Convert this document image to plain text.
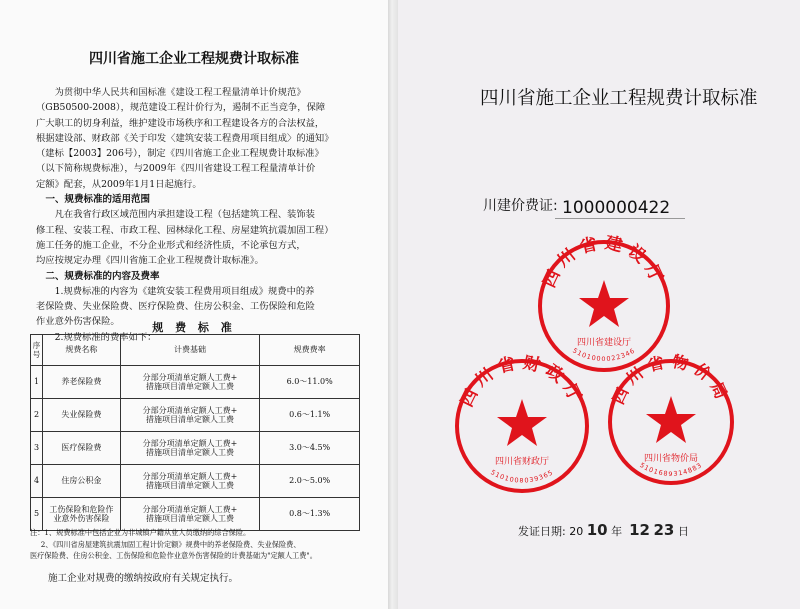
四川省施工企业工程规费计取标准

为贯彻中华人民共和国标准《建设工程工程量清单计价规范》

（GB50500-2008），规范建设工程计价行为，遏制不正当竞争，保障

广大职工的切身利益，维护建设市场秩序和工程建设各方的合法权益，

根据建设部、财政部《关于印发〈建筑安装工程费用项目组成〉的通知》

（建标【2003】206号），制定《四川省施工企业工程规费计取标准》

（以下简称规费标准），与2009年《四川省建设工程工程量清单计价

定额》配套，从2009年1月1日起施行。

一、规费标准的适用范围

凡在我省行政区域范围内承担建设工程（包括建筑工程、装饰装

修工程、安装工程、市政工程、园林绿化工程、房屋建筑抗震加固工程）

施工任务的施工企业，不分企业形式和经济性质，不论承包方式，

均应按规定办理《四川省施工企业工程规费计取标准》。

二、规费标准的内容及费率

1.规费标准的内容为《建筑安装工程费用项目组成》规费中的养

老保险费、失业保险费、医疗保险费、住房公积金、工伤保险和危险

作业意外伤害保险。

2.规费标准的费率如下：

规 费 标 准
序号	规费名称	计费基础	规费费率
1	养老保险费	分部分项清单定额人工费+
措施项目清单定额人工费	6.0～11.0%
2	失业保险费	分部分项清单定额人工费+
措施项目清单定额人工费	0.6～1.1%
3	医疗保险费	分部分项清单定额人工费+
措施项目清单定额人工费	3.0～4.5%
4	住房公积金	分部分项清单定额人工费+
措施项目清单定额人工费	2.0～5.0%
5	工伤保险和危险作业意外伤害保险	分部分项清单定额人工费+
措施项目清单定额人工费	0.8～1.3%

注：1、规费标准中包括企业为非城镇户籍从业人员缴纳的综合保险。

2、《四川省房屋建筑抗震加固工程计价定额》规费中的养老保险费、失业保险费、

医疗保险费、住房公积金、工伤保险和危险作业意外伤害保险的计费基础为"定额人工费"。

施工企业对规费的缴纳按政府有关规定执行。
四川省施工企业工程规费计取标准
川建价费证: 1000000422
四川省建设厅
四川省建设厅
5101000022346
四川省财政厅
四川省财政厅
5101008039365
四川省物价局
四川省物价局
5101689314883
发证日期: 20 10 年 12 23 日
